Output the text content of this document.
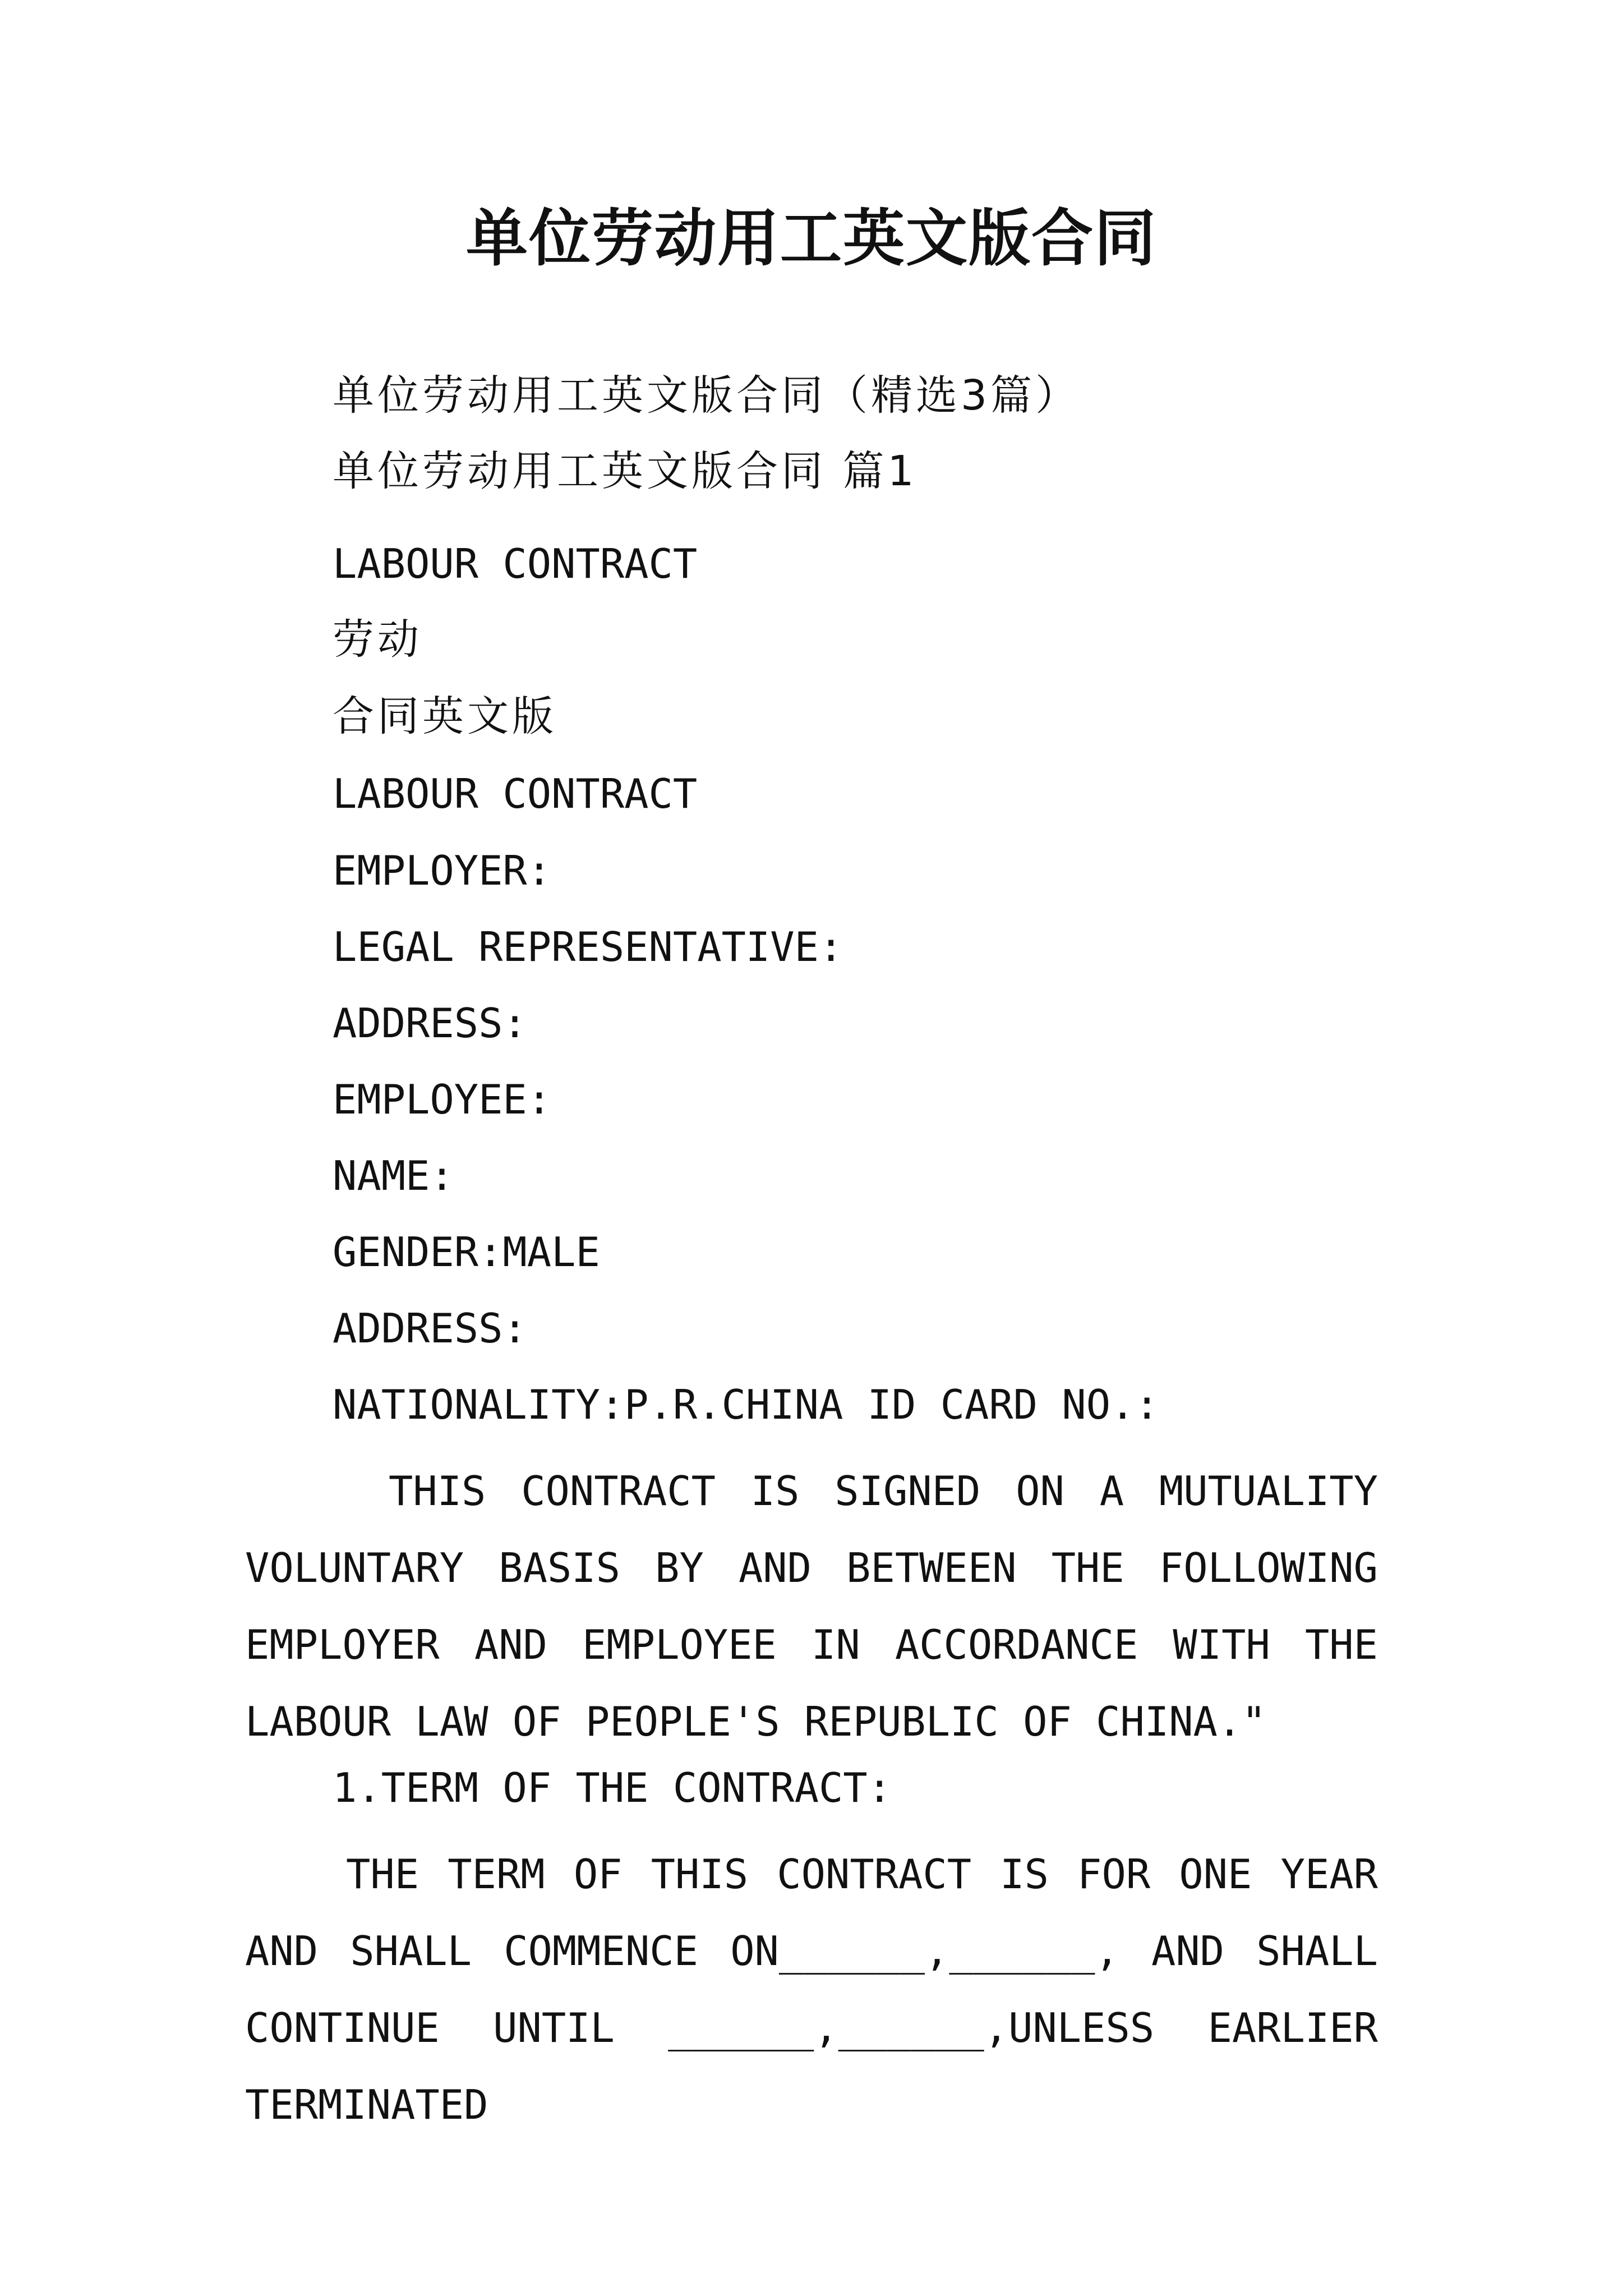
单位劳动用工英文版合同
单位劳动用工英文版合同（精选3篇）
单位劳动用工英文版合同 篇1
LABOUR CONTRACT
劳动
合同英文版
LABOUR CONTRACT
EMPLOYER:
LEGAL REPRESENTATIVE:
ADDRESS:
EMPLOYEE:
NAME:
GENDER:MALE
ADDRESS:
NATIONALITY:P.R.CHINA ID CARD NO.:
THIS CONTRACT IS SIGNED ON A MUTUALITY VOLUNTARY BASIS BY AND BETWEEN THE FOLLOWING EMPLOYER AND EMPLOYEE IN ACCORDANCE WITH THE LABOUR LAW OF PEOPLE'S REPUBLIC OF CHINA."
1.TERM OF THE CONTRACT:
THE TERM OF THIS CONTRACT IS FOR ONE YEAR AND SHALL COMMENCE ON______,______, AND SHALL CONTINUE UNTIL ______,______,UNLESS EARLIER TERMINATED
